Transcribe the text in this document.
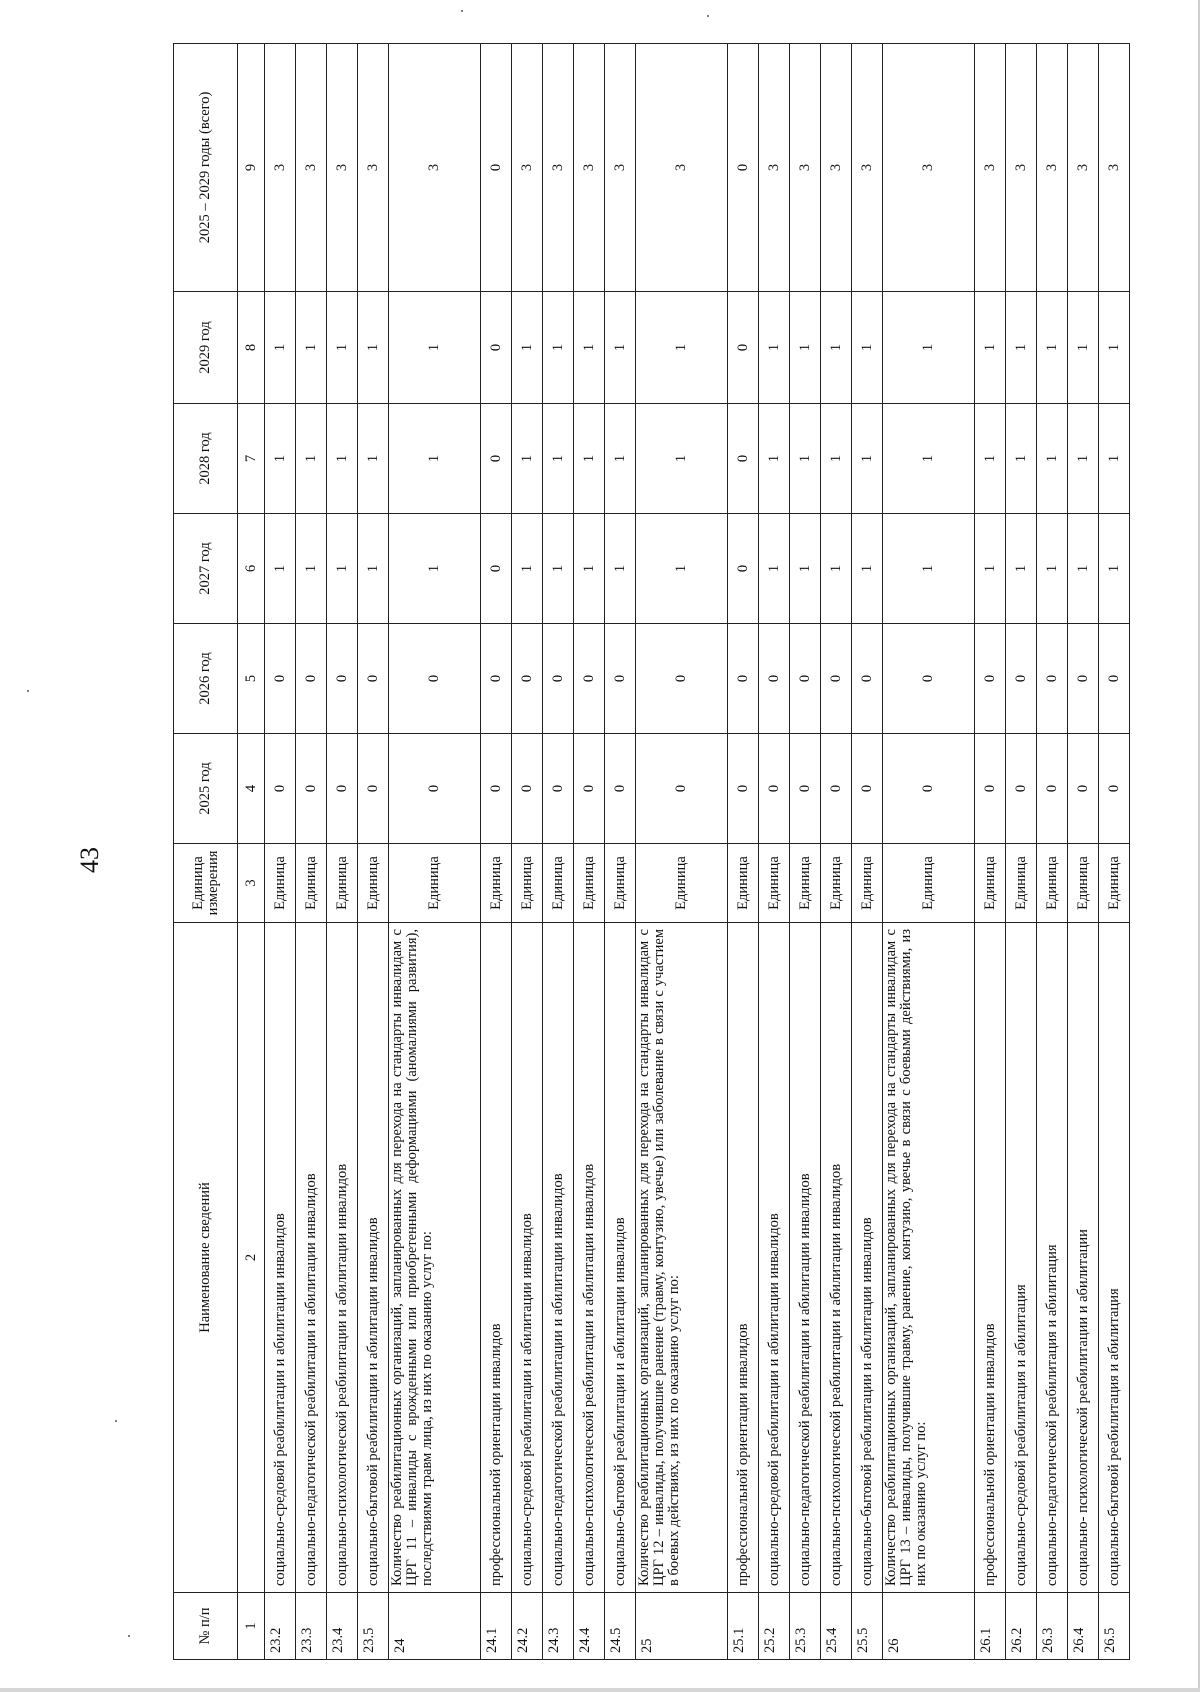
43
№ п/п	Наименование сведений	Единица измерения	2025 год	2026 год	2027 год	2028 год	2029 год	2025 – 2029 годы (всего)
1	2	3	4	5	6	7	8	9
23.2	социально-средовой реабилитации и абилитации инвалидов	Единица	0	0	1	1	1	3
23.3	социально-педагогической реабилитации и абилитации инвалидов	Единица	0	0	1	1	1	3
23.4	социально-психологической реабилитации и абилитации инвалидов	Единица	0	0	1	1	1	3
23.5	социально-бытовой реабилитации и абилитации инвалидов	Единица	0	0	1	1	1	3
24	Количество реабилитационных организаций, запланированных для перехода на стандарты инвалидам с ЦРГ 11 – инвалиды с врожденными или приобретенными деформациями (аномалиями развития), последствиями травм лица, из них по оказанию услуг по:	Единица	0	0	1	1	1	3
24.1	профессиональной ориентации инвалидов	Единица	0	0	0	0	0	0
24.2	социально-средовой реабилитации и абилитации инвалидов	Единица	0	0	1	1	1	3
24.3	социально-педагогической реабилитации и абилитации инвалидов	Единица	0	0	1	1	1	3
24.4	социально-психологической реабилитации и абилитации инвалидов	Единица	0	0	1	1	1	3
24.5	социально-бытовой реабилитации и абилитации инвалидов	Единица	0	0	1	1	1	3
25	Количество реабилитационных организаций, запланированных для перехода на стандарты инвалидам с ЦРГ 12 – инвалиды, получившие ранение (травму, контузию, увечье) или заболевание в связи с участием в боевых действиях, из них по оказанию услуг по:	Единица	0	0	1	1	1	3
25.1	профессиональной ориентации инвалидов	Единица	0	0	0	0	0	0
25.2	социально-средовой реабилитации и абилитации инвалидов	Единица	0	0	1	1	1	3
25.3	социально-педагогической реабилитации и абилитации инвалидов	Единица	0	0	1	1	1	3
25.4	социально-психологической реабилитации и абилитации инвалидов	Единица	0	0	1	1	1	3
25.5	социально-бытовой реабилитации и абилитации инвалидов	Единица	0	0	1	1	1	3
26	Количество реабилитационных организаций, запланированных для перехода на стандарты инвалидам с ЦРГ 13 – инвалиды, получившие травму, ранение, контузию, увечье в связи с боевыми действиями, из них по оказанию услуг по:	Единица	0	0	1	1	1	3
26.1	профессиональной ориентации инвалидов	Единица	0	0	1	1	1	3
26.2	социально-средовой реабилитация и абилитация	Единица	0	0	1	1	1	3
26.3	социально-педагогической реабилитация и абилитация	Единица	0	0	1	1	1	3
26.4	социально- психологической реабилитации и абилитации	Единица	0	0	1	1	1	3
26.5	социально-бытовой реабилитация и абилитация	Единица	0	0	1	1	1	3
